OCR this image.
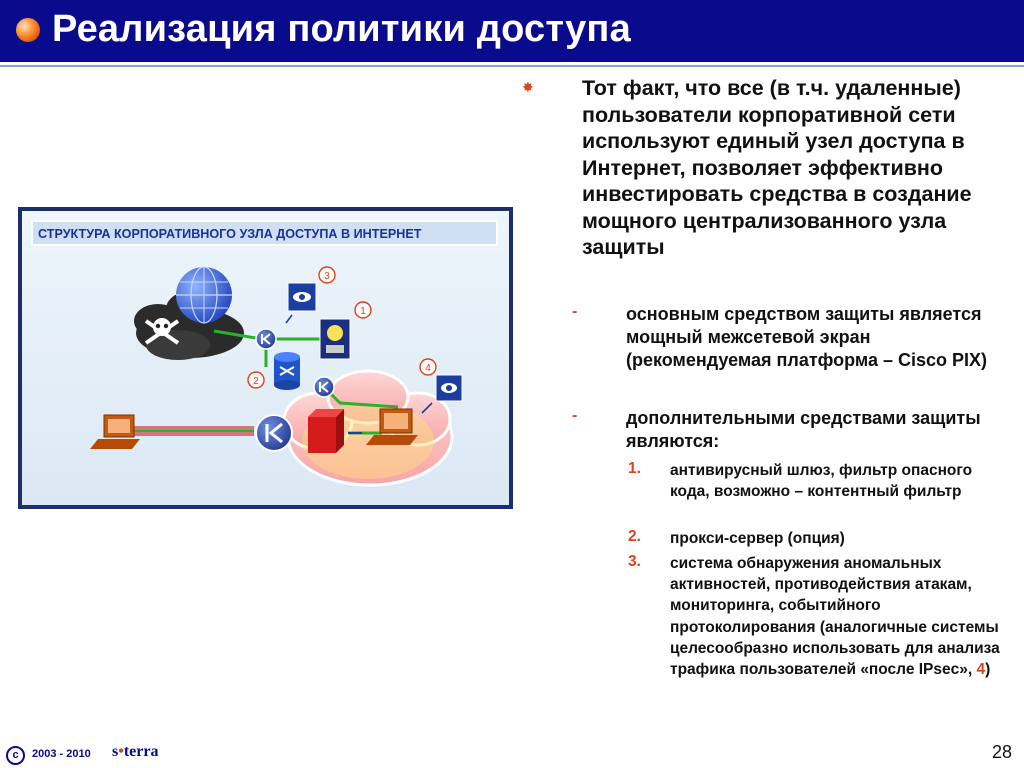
Реализация политики доступа
СТРУКТУРА КОРПОРАТИВНОГО УЗЛА ДОСТУПА В ИНТЕРНЕТ
3
1
2
4
✸ Тот факт, что все (в т.ч. удаленные) пользователи корпоративной сети используют единый узел доступа в Интернет, позволяет эффективно инвестировать средства в создание мощного централизованного узла защиты
-	основным средством защиты является мощный межсетевой экран (рекомендуемая платформа – Cisco PIX)
-	дополнительными средствами защиты являются:
1. антивирусный шлюз, фильтр опасного кода, возможно – контентный фильтр
2. прокси-сервер (опция)
3. система обнаружения аномальных активностей, противодействия атакам, мониторинга, событийного протоколирования (аналогичные системы целесообразно использовать для анализа трафика пользователей «после IPsec», 4)
c	2003 - 2010 s•terra	28
